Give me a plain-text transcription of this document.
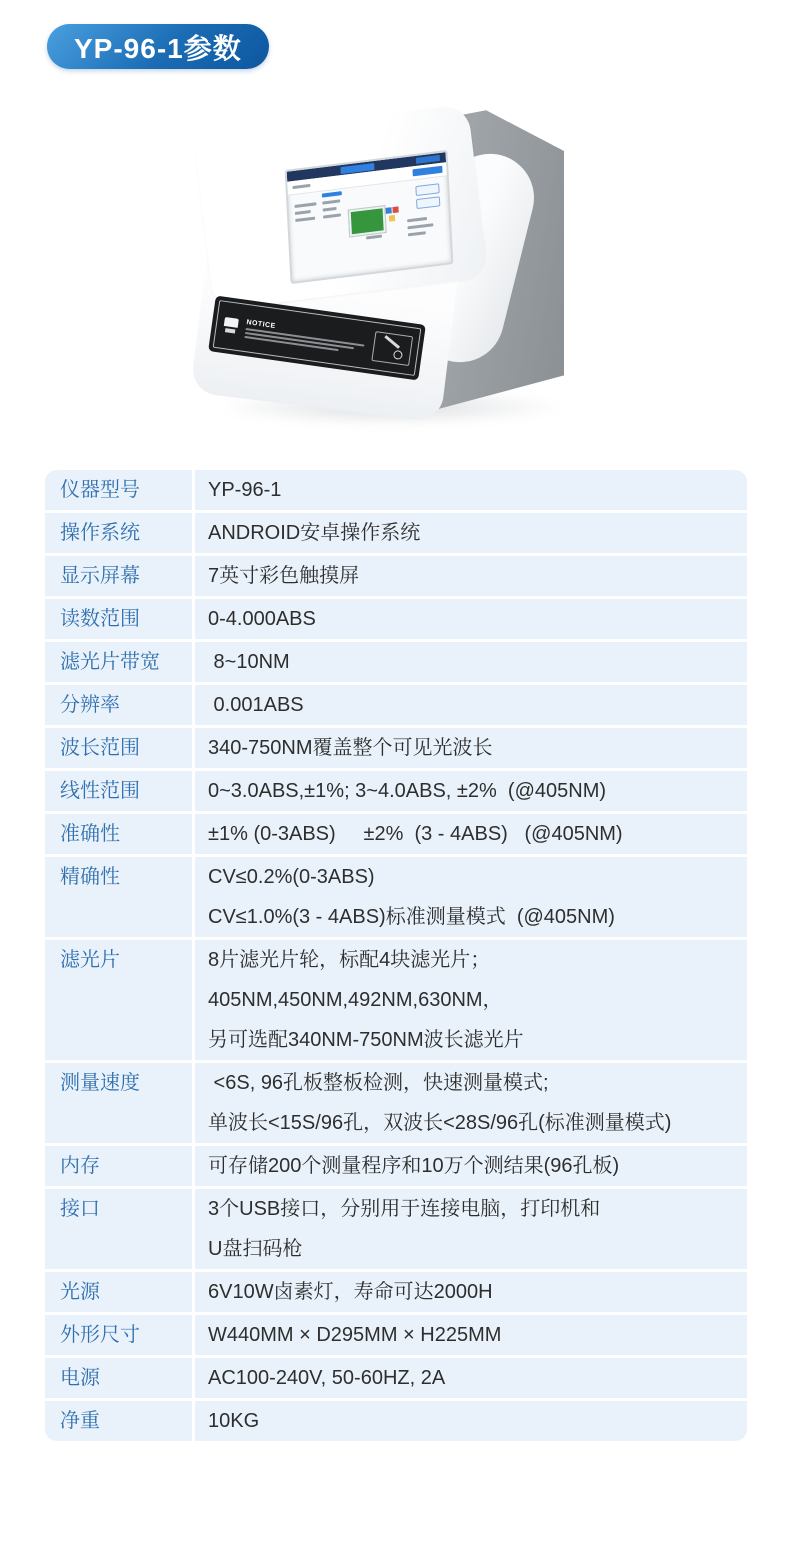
YP-96-1参数
NOTICE
仪器型号	YP-96-1
操作系统	ANDROID安卓操作系统
显示屏幕	7英寸彩色触摸屏
读数范围	0-4.000ABS
滤光片带宽	8~10NM
分辨率	0.001ABS
波长范围	340-750NM覆盖整个可见光波长
线性范围	0~3.0ABS,±1%; 3~4.0ABS, ±2%  (@405NM)
准确性	±1% (0-3ABS)     ±2%  (3 - 4ABS)   (@405NM)
精确性	CV≤0.2%(0-3ABS)
CV≤1.0%(3 - 4ABS)标准测量模式  (@405NM)
滤光片	8片滤光片轮，标配4块滤光片；
405NM,450NM,492NM,630NM，
另可选配340NM-750NM波长滤光片
测量速度	<6S, 96孔板整板检测，快速测量模式;
单波长<15S/96孔，双波长<28S/96孔(标准测量模式)
内存	可存储200个测量程序和10万个测结果(96孔板)
接口	3个USB接口，分别用于连接电脑，打印机和
U盘扫码枪
光源	6V10W卤素灯，寿命可达2000H
外形尺寸	W440MM × D295MM × H225MM
电源	AC100-240V, 50-60HZ, 2A
净重	10KG
